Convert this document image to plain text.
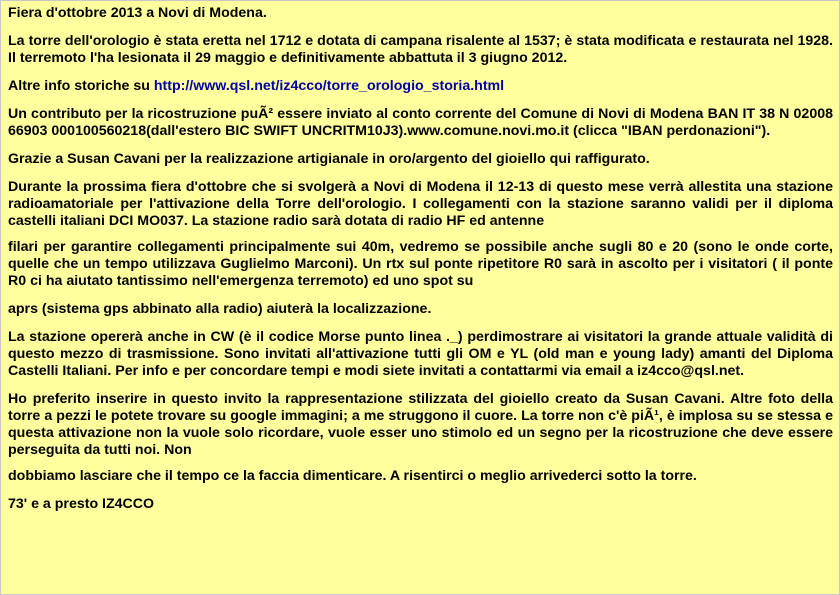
Fiera d'ottobre 2013 a Novi di Modena.

La torre dell'orologio è stata eretta nel 1712 e dotata di campana risalente al 1537; è stata modificata e restaurata nel 1928. Il terremoto l'ha lesionata il 29 maggio e definitivamente abbattuta il 3 giugno 2012.

Altre info storiche su http://www.qsl.net/iz4cco/torre_orologio_storia.html

Un contributo per la ricostruzione puÃ² essere inviato al conto corrente del Comune di Novi di Modena BAN IT 38 N 02008 66903 000100560218(dall'estero BIC SWIFT UNCRITM10J3).www.comune.novi.mo.it (clicca "IBAN perdonazioni").

Grazie a Susan Cavani per la realizzazione artigianale in oro/argento del gioiello qui raffigurato.

Durante la prossima fiera d'ottobre che si svolgerà a Novi di Modena il 12-13 di questo mese verrà allestita una stazione radioamatoriale per l'attivazione della Torre dell'orologio. I collegamenti con la stazione saranno validi per il diploma castelli italiani DCI MO037. La stazione radio sarà dotata di radio HF ed antenne

filari per garantire collegamenti principalmente sui 40m, vedremo se possibile anche sugli 80 e 20 (sono le onde corte, quelle che un tempo utilizzava Guglielmo Marconi). Un rtx sul ponte ripetitore R0 sarà in ascolto per i visitatori ( il ponte R0 ci ha aiutato tantissimo nell'emergenza terremoto) ed uno spot su

aprs (sistema gps abbinato alla radio) aiuterà la localizzazione.

La stazione opererà anche in CW (è il codice Morse punto linea ._) perdimostrare ai visitatori la grande attuale validità di questo mezzo di trasmissione. Sono invitati all'attivazione tutti gli OM e YL (old man e young lady) amanti del Diploma Castelli Italiani. Per info e per concordare tempi e modi siete invitati a contattarmi via email a iz4cco@qsl.net.

Ho preferito inserire in questo invito la rappresentazione stilizzata del gioiello creato da Susan Cavani. Altre foto della torre a pezzi le potete trovare su google immagini; a me struggono il cuore. La torre non c'è piÃ¹, è implosa su se stessa e questa attivazione non la vuole solo ricordare, vuole esser uno stimolo ed un segno per la ricostruzione che deve essere perseguita da tutti noi. Non

dobbiamo lasciare che il tempo ce la faccia dimenticare. A risentirci o meglio arrivederci sotto la torre.

73' e a presto IZ4CCO
